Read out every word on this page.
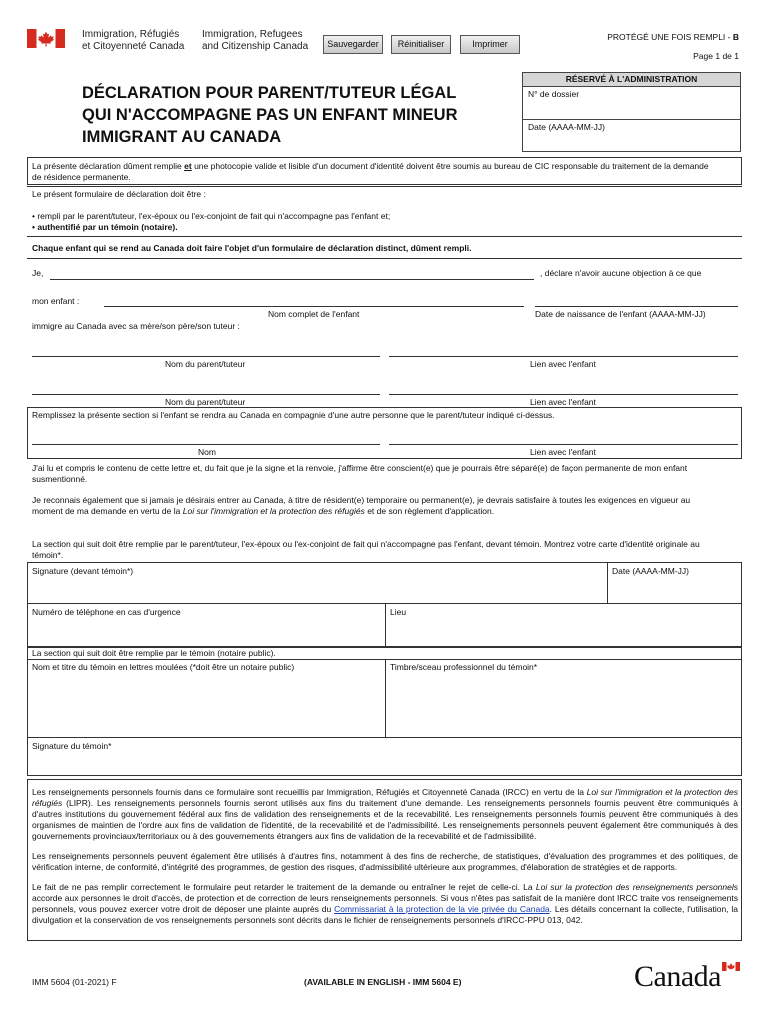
Immigration, Réfugiés
et Citoyenneté Canada
Immigration, Refugees
and Citizenship Canada	Sauvegarder	Réinitialiser	Imprimer
PROTÉGÉ UNE FOIS REMPLI - B
Page 1 de 1
DÉCLARATION POUR PARENT/TUTEUR LÉGAL
QUI N'ACCOMPAGNE PAS UN ENFANT MINEUR
IMMIGRANT AU CANADA
RÉSERVÉ À L'ADMINISTRATION
N° de dossier
Date (AAAA-MM-JJ)
La présente déclaration dûment remplie et une photocopie valide et lisible d'un document d'identité doivent être soumis au bureau de CIC responsable du traitement de la demande
de résidence permanente.
Le présent formulaire de déclaration doit être :
• rempli par le parent/tuteur, l'ex-époux ou l'ex-conjoint de fait qui n'accompagne pas l'enfant et;
• authentifié par un témoin (notaire).
Chaque enfant qui se rend au Canada doit faire l'objet d'un formulaire de déclaration distinct, dûment rempli.
Je,	, déclare n'avoir aucune objection à ce que
mon enfant :
Nom complet de l'enfant	Date de naissance de l'enfant (AAAA-MM-JJ)
immigre au Canada avec sa mère/son père/son tuteur :
Nom du parent/tuteur	Lien avec l'enfant
Nom du parent/tuteur	Lien avec l'enfant
Remplissez la présente section si l'enfant se rendra au Canada en compagnie d'une autre personne que le parent/tuteur indiqué ci-dessus.
Nom	Lien avec l'enfant
J'ai lu et compris le contenu de cette lettre et, du fait que je la signe et la renvoie, j'affirme être conscient(e) que je pourrais être séparé(e) de façon permanente de mon enfant
susmentionné.
Je reconnais également que si jamais je désirais entrer au Canada, à titre de résident(e) temporaire ou permanent(e), je devrais satisfaire à toutes les exigences en vigueur au
moment de ma demande en vertu de la Loi sur l'immigration et la protection des réfugiés et de son règlement d'application.
La section qui suit doit être remplie par le parent/tuteur, l'ex-époux ou l'ex-conjoint de fait qui n'accompagne pas l'enfant, devant témoin. Montrez votre carte d'identité originale au
témoin*.
Signature (devant témoin*)	Date (AAAA-MM-JJ)
Numéro de téléphone en cas d'urgence	Lieu
La section qui suit doit être remplie par le témoin (notaire public).
Nom et titre du témoin en lettres moulées (*doit être un notaire public)	Timbre/sceau professionnel du témoin*
Signature du témoin*

Les renseignements personnels fournis dans ce formulaire sont recueillis par Immigration, Réfugiés et Citoyenneté Canada (IRCC) en vertu de la Loi sur l'immigration et la protection des réfugiés (LIPR). Les renseignements personnels fournis seront utilisés aux fins du traitement d'une demande. Les renseignements personnels fournis peuvent être communiqués à d'autres institutions du gouvernement fédéral aux fins de validation des renseignements et de la recevabilité. Les renseignements personnels fournis peuvent être communiqués à des organismes de maintien de l'ordre aux fins de validation de l'identité, de la recevabilité et de l'admissibilité. Les renseignements personnels peuvent également être communiqués à des gouvernements provinciaux/territoriaux ou à des gouvernements étrangers aux fins de validation de la recevabilité et de l'admissibilité.

Les renseignements personnels peuvent également être utilisés à d'autres fins, notamment à des fins de recherche, de statistiques, d'évaluation des programmes et des politiques, de vérification interne, de conformité, d'intégrité des programmes, de gestion des risques, d'admissibilité ultérieure aux programmes, d'élaboration de stratégies et de rapports.

Le fait de ne pas remplir correctement le formulaire peut retarder le traitement de la demande ou entraîner le rejet de celle-ci. La Loi sur la protection des renseignements personnels accorde aux personnes le droit d'accès, de protection et de correction de leurs renseignements personnels. Si vous n'êtes pas satisfait de la manière dont IRCC traite vos renseignements personnels, vous pouvez exercer votre droit de déposer une plainte auprès du Commissariat à la protection de la vie privée du Canada. Les détails concernant la collecte, l'utilisation, la divulgation et la conservation de vos renseignements personnels sont décrits dans le fichier de renseignements personnels d'IRCC-PPU 013, 042.

IMM 5604 (01-2021) F	(AVAILABLE IN ENGLISH - IMM 5604 E)	Canada
